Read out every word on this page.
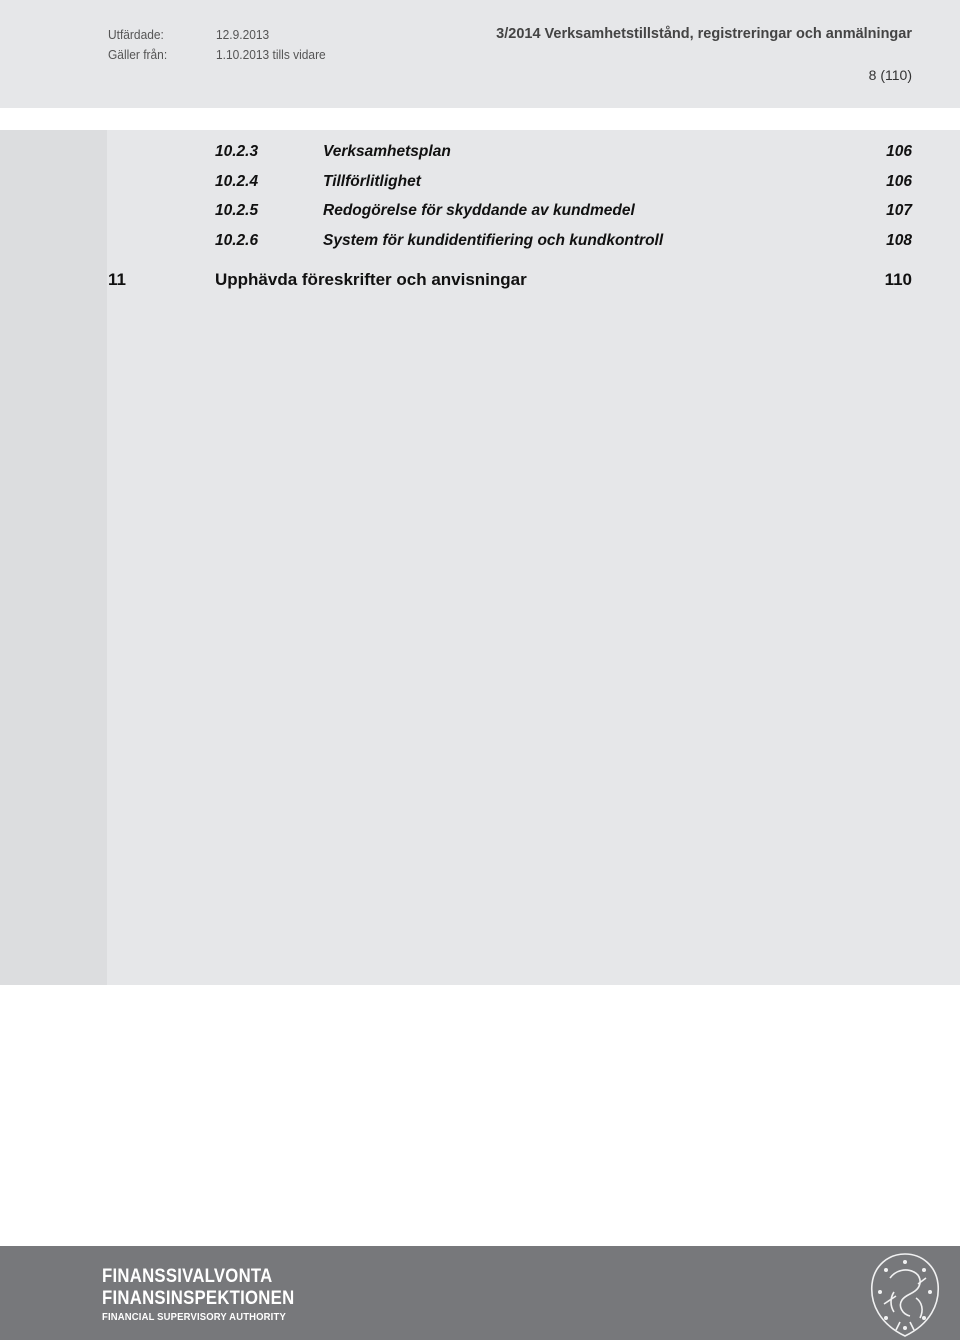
Utfärdade:	12.9.2013
Gäller från:	1.10.2013 tills vidare
3/2014 Verksamhetstillstånd, registreringar och anmälningar
8 (110)
10.2.3	Verksamhetsplan	106
10.2.4	Tillförlitlighet	106
10.2.5	Redogörelse för skyddande av kundmedel	107
10.2.6	System för kundidentifiering och kundkontroll	108
11	Upphävda föreskrifter och anvisningar	110
FINANSSIVALVONTA
FINANSINSPEKTIONEN
FINANCIAL SUPERVISORY AUTHORITY
